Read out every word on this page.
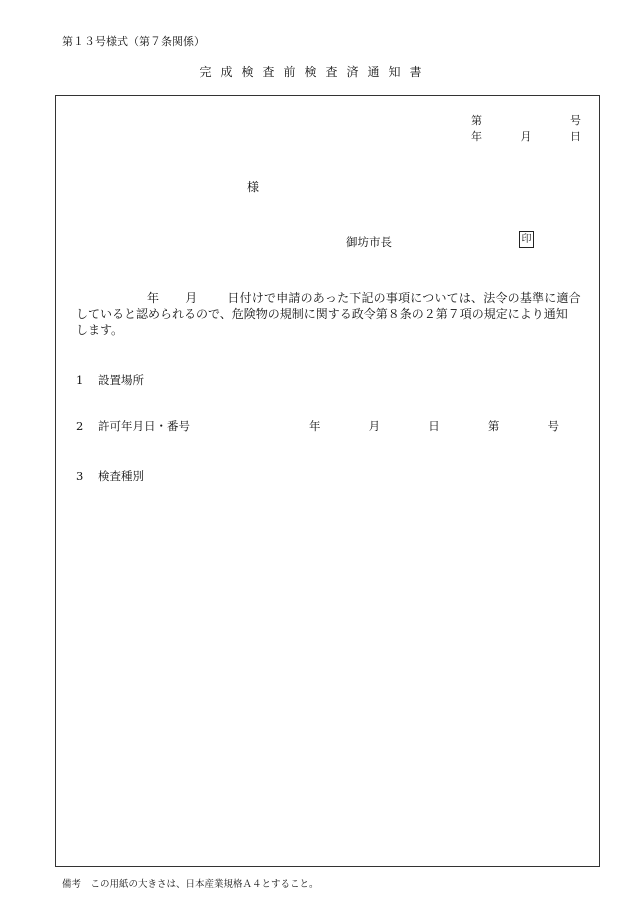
第１３号様式（第７条関係）
完成検査前検査済通知書
第	号
年	月	日
様
御坊市長	印
年 月	日付けで申請のあった下記の事項については、法令の基準に適合
していると認められるので、危険物の規制に関する政令第８条の２第７項の規定により通知
します。
1 設置場所
2 許可年月日・番号	年	月	日	第	号
3 検査種別
備考　この用紙の大きさは、日本産業規格Ａ４とすること。
